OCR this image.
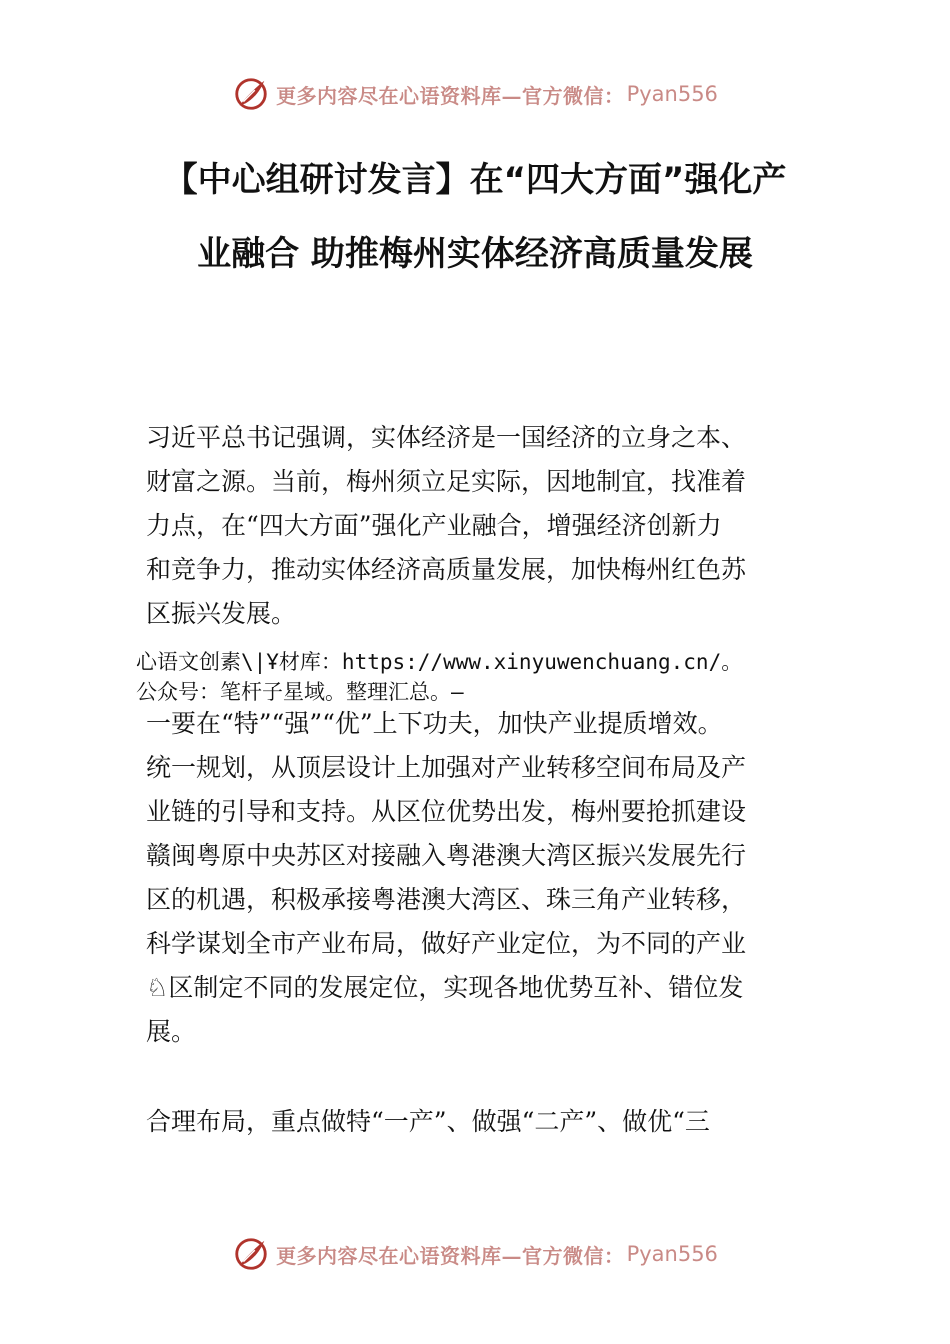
更多内容尽在心语资料库—官方微信： Pyan556
【中心组研讨发言】在“四大方面”强化产
业融合 助推梅州实体经济高质量发展
习近平总书记强调，实体经济是一国经济的立身之本、
财富之源。当前，梅州须立足实际，因地制宜，找准着
力点，在“四大方面”强化产业融合，增强经济创新力
和竞争力，推动实体经济高质量发展，加快梅州红色苏
区振兴发展。
心语文创素\|Ұ材库：https://www.xinyuwenchuang.cn/。
公众号：笔杆子星域。整理汇总。—
一要在“特”“强”“优”上下功夫，加快产业提质增效。
统一规划，从顶层设计上加强对产业转移空间布局及产
业链的引导和支持。从区位优势出发，梅州要抢抓建设
赣闽粤原中央苏区对接融入粤港澳大湾区振兴发展先行
区的机遇，积极承接粤港澳大湾区、珠三角产业转移，
科学谋划全市产业布局，做好产业定位，为不同的产业
♘区制定不同的发展定位，实现各地优势互补、错位发
展。
合理布局，重点做特“一产”、做强“二产”、做优“三
更多内容尽在心语资料库—官方微信： Pyan556
